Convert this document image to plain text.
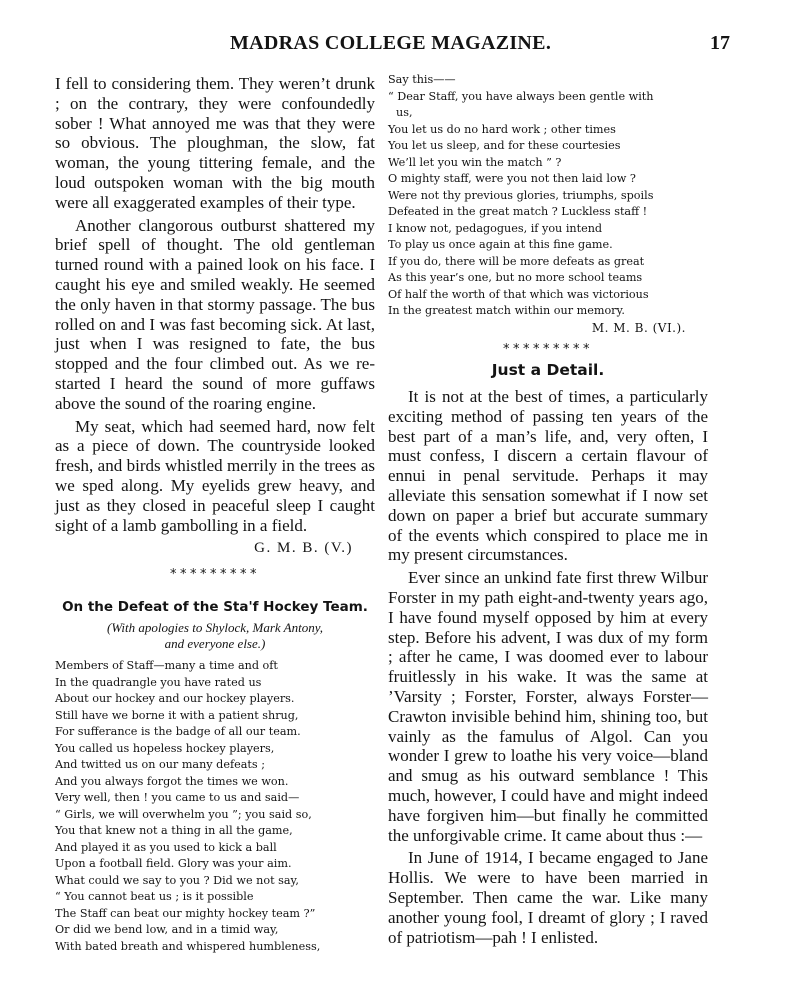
MADRAS COLLEGE MAGAZINE.	17

I fell to considering them. They weren’t drunk ; on the contrary, they were confoundedly sober ! What annoyed me was that they were so obvious. The ploughman, the slow, fat woman, the young tittering female, and the loud outspoken woman with the big mouth were all exaggerated examples of their type.

Another clangorous outburst shattered my brief spell of thought. The old gentleman turned round with a pained look on his face. I caught his eye and smiled weakly. He seemed the only haven in that stormy passage. The bus rolled on and I was fast becoming sick. At last, just when I was resigned to fate, the bus stopped and the four climbed out. As we re-started I heard the sound of more guffaws above the sound of the roaring engine.

My seat, which had seemed hard, now felt as a piece of down. The countryside looked fresh, and birds whistled merrily in the trees as we sped along. My eyelids grew heavy, and just as they closed in peaceful sleep I caught sight of a lamb gambolling in a field.

G. M. B. (V.)
*********
On the Defeat of the Sta'f Hockey Team.
(With apologies to Shylock, Mark Antony,
and everyone else.)
Members of Staff—many a time and oft
In the quadrangle you have rated us
About our hockey and our hockey players.
Still have we borne it with a patient shrug,
For sufferance is the badge of all our team.
You called us hopeless hockey players,
And twitted us on our many defeats ;
And you always forgot the times we won.
Very well, then ! you came to us and said—
“ Girls, we will overwhelm you ”; you said so,
You that knew not a thing in all the game,
And played it as you used to kick a ball
Upon a football field. Glory was your aim.
What could we say to you ? Did we not say,
“ You cannot beat us ; is it possible
The Staff can beat our mighty hockey team ?”
Or did we bend low, and in a timid way,
With bated breath and whispered humbleness,
Say this——
“ Dear Staff, you have always been gentle with
us,
You let us do no hard work ; other times
You let us sleep, and for these courtesies
We’ll let you win the match ” ?
O mighty staff, were you not then laid low ?
Were not thy previous glories, triumphs, spoils
Defeated in the great match ? Luckless staff !
I know not, pedagogues, if you intend
To play us once again at this fine game.
If you do, there will be more defeats as great
As this year’s one, but no more school teams
Of half the worth of that which was victorious
In the greatest match within our memory.
M. M. B. (VI.).
*********
Just a Detail.

It is not at the best of times, a particularly exciting method of passing ten years of the best part of a man’s life, and, very often, I must confess, I discern a certain flavour of ennui in penal servitude. Perhaps it may alleviate this sensation somewhat if I now set down on paper a brief but accurate summary of the events which conspired to place me in my present circumstances.

Ever since an unkind fate first threw Wilbur Forster in my path eight-and-twenty years ago, I have found myself opposed by him at every step. Before his advent, I was dux of my form ; after he came, I was doomed ever to labour fruitlessly in his wake. It was the same at ’Varsity ; Forster, Forster, always Forster—Crawton invisible behind him, shining too, but vainly as the famulus of Algol. Can you wonder I grew to loathe his very voice—bland and smug as his outward semblance ! This much, however, I could have and might indeed have forgiven him—but finally he committed the unforgivable crime. It came about thus :—

In June of 1914, I became engaged to Jane Hollis. We were to have been married in September. Then came the war. Like many another young fool, I dreamt of glory ; I raved of patriotism—pah ! I enlisted.
